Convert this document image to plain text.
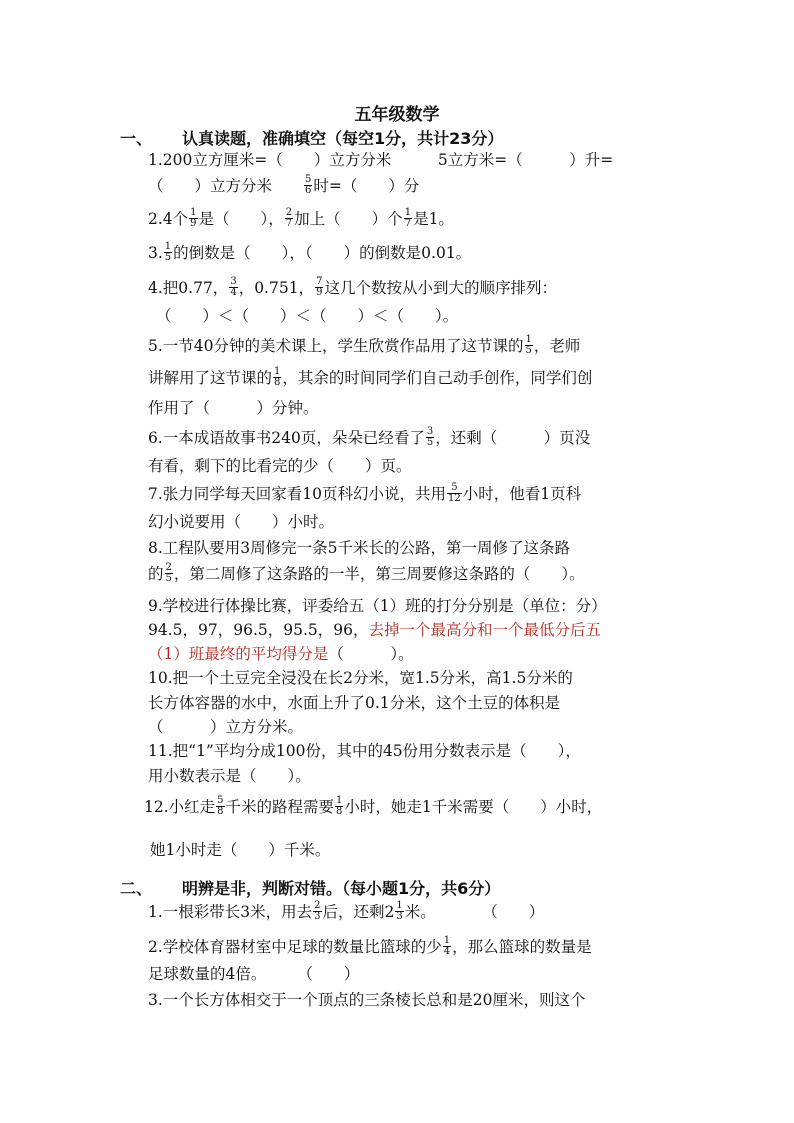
五年级数学
一、 认真读题，准确填空（每空1分，共计23分）
1.200立方厘米=（　　）立方分米　　　5立方米=（　　　）升=
（　　）立方分米　　 $\frac{5}{6}$ 时=（　　）分
2.4个 $\frac{1}{9}$ 是（　　）， $\frac{2}{7}$ 加上（　　）个 $\frac{1}{7}$ 是1。
3. $\frac{1}{5}$ 的倒数是（　　），（　　）的倒数是0.01。
4.把0.77， $\frac{3}{4}$ ，0.751， $\frac{7}{9}$ 这几个数按从小到大的顺序排列：
（　　）＜（　　）＜（　　）＜（　　）。
5.一节40分钟的美术课上，学生欣赏作品用了这节课的 $\frac{1}{5}$ ，老师
讲解用了这节课的 $\frac{1}{8}$ ，其余的时间同学们自己动手创作，同学们创
作用了（　　　）分钟。
6.一本成语故事书240页，朵朵已经看了 $\frac{3}{5}$ ，还剩（　　　）页没
有看，剩下的比看完的少（　　）页。
7.张力同学每天回家看10页科幻小说，共用 $\frac{5}{12}$ 小时，他看1页科
幻小说要用（　　）小时。
8.工程队要用3周修完一条5千米长的公路，第一周修了这条路
的 $\frac{2}{5}$ ，第二周修了这条路的一半，第三周要修这条路的（　　）。
9.学校进行体操比赛，评委给五（1）班的打分分别是（单位：分）
94.5，97，96.5，95.5，96，去掉一个最高分和一个最低分后五
（1）班最终的平均得分是（　　　）。
10.把一个土豆完全浸没在长2分米，宽1.5分米，高1.5分米的
长方体容器的水中，水面上升了0.1分米，这个土豆的体积是
（　　　）立方分米。
11.把“1”平均分成100份，其中的45份用分数表示是（　　），
用小数表示是（　　）。
12.小红走 $\frac{5}{8}$ 千米的路程需要 $\frac{1}{8}$ 小时，她走1千米需要（　　）小时，
她1小时走（　　）千米。
二、 明辨是非，判断对错。（每小题1分，共6分）
1.一根彩带长3米，用去 $\frac{2}{3}$ 后，还剩$2 \frac{1}{3}$ 米。　　　　（　　）
2.学校体育器材室中足球的数量比篮球的少 $\frac{1}{4}$ ，那么篮球的数量是
足球数量的4倍。　　　（　　）
3.一个长方体相交于一个顶点的三条棱长总和是20厘米，则这个
